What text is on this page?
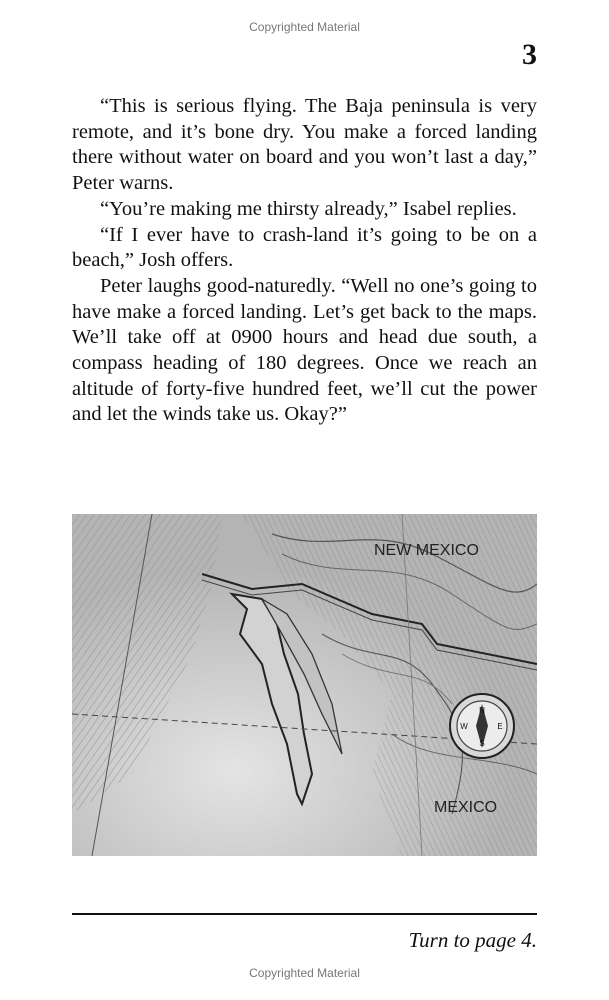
Copyrighted Material
3

“This is serious flying. The Baja peninsula is very remote, and it’s bone dry. You make a forced landing there without water on board and you won’t last a day,” Peter warns.

“You’re making me thirsty already,” Isabel replies.

“If I ever have to crash-land it’s going to be on a beach,” Josh offers.

Peter laughs good-naturedly. “Well no one’s going to have make a forced landing. Let’s get back to the maps. We’ll take off at 0900 hours and head due south, a compass heading of 180 degrees. Once we reach an altitude of forty-five hundred feet, we’ll cut the power and let the winds take us. Okay?”

N
S
E
W
NEW MEXICO
MEXICO
Turn to page 4.
Copyrighted Material
